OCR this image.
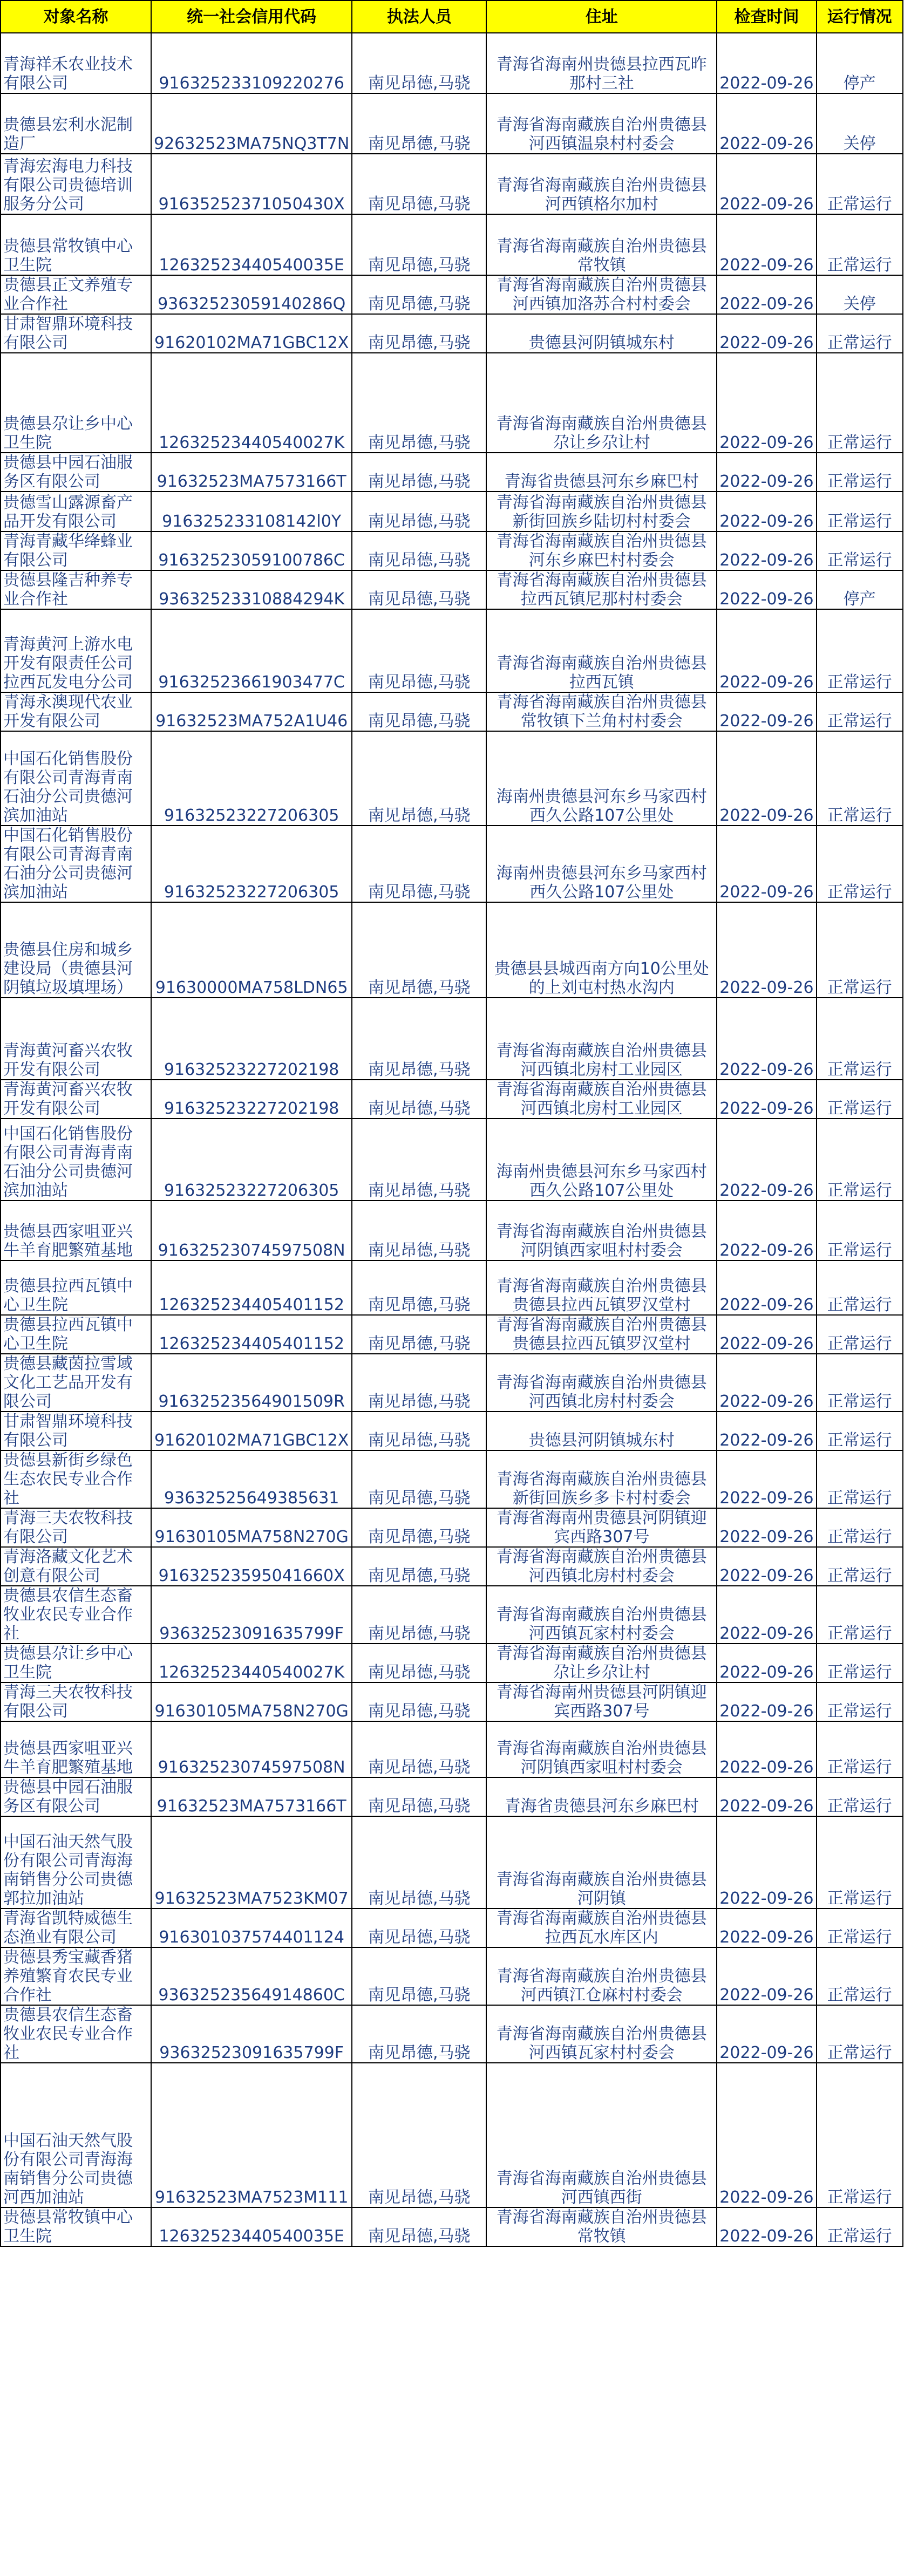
对象名称	统一社会信用代码	执法人员	住址	检查时间	运行情况
青海祥禾农业技术有限公司	916325233109220276	南见昂德,马骁	青海省海南州贵德县拉西瓦昨那村三社	2022-09-26	停产
贵德县宏利水泥制造厂	92632523MA75NQ3T7N	南见昂德,马骁	青海省海南藏族自治州贵德县河西镇温泉村村委会	2022-09-26	关停
青海宏海电力科技有限公司贵德培训服务分公司	91635252371050430X	南见昂德,马骁	青海省海南藏族自治州贵德县河西镇格尔加村	2022-09-26	正常运行
贵德县常牧镇中心卫生院	12632523440540035E	南见昂德,马骁	青海省海南藏族自治州贵德县常牧镇	2022-09-26	正常运行
贵德县正文养殖专业合作社	93632523059140286Q	南见昂德,马骁	青海省海南藏族自治州贵德县河西镇加洛苏合村村委会	2022-09-26	关停
甘肃智鼎环境科技有限公司	91620102MA71GBC12X	南见昂德,马骁	贵德县河阴镇城东村	2022-09-26	正常运行
贵德县尕让乡中心卫生院	12632523440540027K	南见昂德,马骁	青海省海南藏族自治州贵德县尕让乡尕让村	2022-09-26	正常运行
贵德县中园石油服务区有限公司	91632523MA7573166T	南见昂德,马骁	青海省贵德县河东乡麻巴村	2022-09-26	正常运行
贵德雪山露源畜产品开发有限公司	916325233108142l0Y	南见昂德,马骁	青海省海南藏族自治州贵德县新街回族乡陆切村村委会	2022-09-26	正常运行
青海青藏华绛蜂业有限公司	91632523059100786C	南见昂德,马骁	青海省海南藏族自治州贵德县河东乡麻巴村村委会	2022-09-26	正常运行
贵德县隆吉种养专业合作社	93632523310884294K	南见昂德,马骁	青海省海南藏族自治州贵德县拉西瓦镇尼那村村委会	2022-09-26	停产
青海黄河上游水电开发有限责任公司拉西瓦发电分公司	91632523661903477C	南见昂德,马骁	青海省海南藏族自治州贵德县拉西瓦镇	2022-09-26	正常运行
青海永澳现代农业开发有限公司	91632523MA752A1U46	南见昂德,马骁	青海省海南藏族自治州贵德县常牧镇下兰角村村委会	2022-09-26	正常运行
中国石化销售股份有限公司青海青南石油分公司贵德河滨加油站	91632523227206305	南见昂德,马骁	海南州贵德县河东乡马家西村西久公路107公里处	2022-09-26	正常运行
中国石化销售股份有限公司青海青南石油分公司贵德河滨加油站	91632523227206305	南见昂德,马骁	海南州贵德县河东乡马家西村西久公路107公里处	2022-09-26	正常运行
贵德县住房和城乡建设局（贵德县河阴镇垃圾填埋场）	91630000MA758LDN65	南见昂德,马骁	贵德县县城西南方向10公里处的上刘屯村热水沟内	2022-09-26	正常运行
青海黄河畜兴农牧开发有限公司	91632523227202198	南见昂德,马骁	青海省海南藏族自治州贵德县河西镇北房村工业园区	2022-09-26	正常运行
青海黄河畜兴农牧开发有限公司	91632523227202198	南见昂德,马骁	青海省海南藏族自治州贵德县河西镇北房村工业园区	2022-09-26	正常运行
中国石化销售股份有限公司青海青南石油分公司贵德河滨加油站	91632523227206305	南见昂德,马骁	海南州贵德县河东乡马家西村西久公路107公里处	2022-09-26	正常运行
贵德县西家咀亚兴牛羊育肥繁殖基地	91632523074597508N	南见昂德,马骁	青海省海南藏族自治州贵德县河阴镇西家咀村村委会	2022-09-26	正常运行
贵德县拉西瓦镇中心卫生院	126325234405401152	南见昂德,马骁	青海省海南藏族自治州贵德县贵德县拉西瓦镇罗汉堂村	2022-09-26	正常运行
贵德县拉西瓦镇中心卫生院	126325234405401152	南见昂德,马骁	青海省海南藏族自治州贵德县贵德县拉西瓦镇罗汉堂村	2022-09-26	正常运行
贵德县藏茵拉雪域文化工艺品开发有限公司	91632523564901509R	南见昂德,马骁	青海省海南藏族自治州贵德县河西镇北房村村委会	2022-09-26	正常运行
甘肃智鼎环境科技有限公司	91620102MA71GBC12X	南见昂德,马骁	贵德县河阴镇城东村	2022-09-26	正常运行
贵德县新街乡绿色生态农民专业合作社	93632525649385631	南见昂德,马骁	青海省海南藏族自治州贵德县新街回族乡多卡村村委会	2022-09-26	正常运行
青海三夫农牧科技有限公司	91630105MA758N270G	南见昂德,马骁	青海省海南州贵德县河阴镇迎宾西路307号	2022-09-26	正常运行
青海洛藏文化艺术创意有限公司	91632523595041660X	南见昂德,马骁	青海省海南藏族自治州贵德县河西镇北房村村委会	2022-09-26	正常运行
贵德县农信生态畜牧业农民专业合作社	93632523091635799F	南见昂德,马骁	青海省海南藏族自治州贵德县河西镇瓦家村村委会	2022-09-26	正常运行
贵德县尕让乡中心卫生院	12632523440540027K	南见昂德,马骁	青海省海南藏族自治州贵德县尕让乡尕让村	2022-09-26	正常运行
青海三夫农牧科技有限公司	91630105MA758N270G	南见昂德,马骁	青海省海南州贵德县河阴镇迎宾西路307号	2022-09-26	正常运行
贵德县西家咀亚兴牛羊育肥繁殖基地	91632523074597508N	南见昂德,马骁	青海省海南藏族自治州贵德县河阴镇西家咀村村委会	2022-09-26	正常运行
贵德县中园石油服务区有限公司	91632523MA7573166T	南见昂德,马骁	青海省贵德县河东乡麻巴村	2022-09-26	正常运行
中国石油天然气股份有限公司青海海南销售分公司贵德郭拉加油站	91632523MA7523KM07	南见昂德,马骁	青海省海南藏族自治州贵德县河阴镇	2022-09-26	正常运行
青海省凯特威德生态渔业有限公司	916301037574401124	南见昂德,马骁	青海省海南藏族自治州贵德县拉西瓦水库区内	2022-09-26	正常运行
贵德县秀宝藏香猪养殖繁育农民专业合作社	93632523564914860C	南见昂德,马骁	青海省海南藏族自治州贵德县河西镇江仓麻村村委会	2022-09-26	正常运行
贵德县农信生态畜牧业农民专业合作社	93632523091635799F	南见昂德,马骁	青海省海南藏族自治州贵德县河西镇瓦家村村委会	2022-09-26	正常运行
中国石油天然气股份有限公司青海海南销售分公司贵德河西加油站	91632523MA7523M111	南见昂德,马骁	青海省海南藏族自治州贵德县河西镇西街	2022-09-26	正常运行
贵德县常牧镇中心卫生院	12632523440540035E	南见昂德,马骁	青海省海南藏族自治州贵德县常牧镇	2022-09-26	正常运行
